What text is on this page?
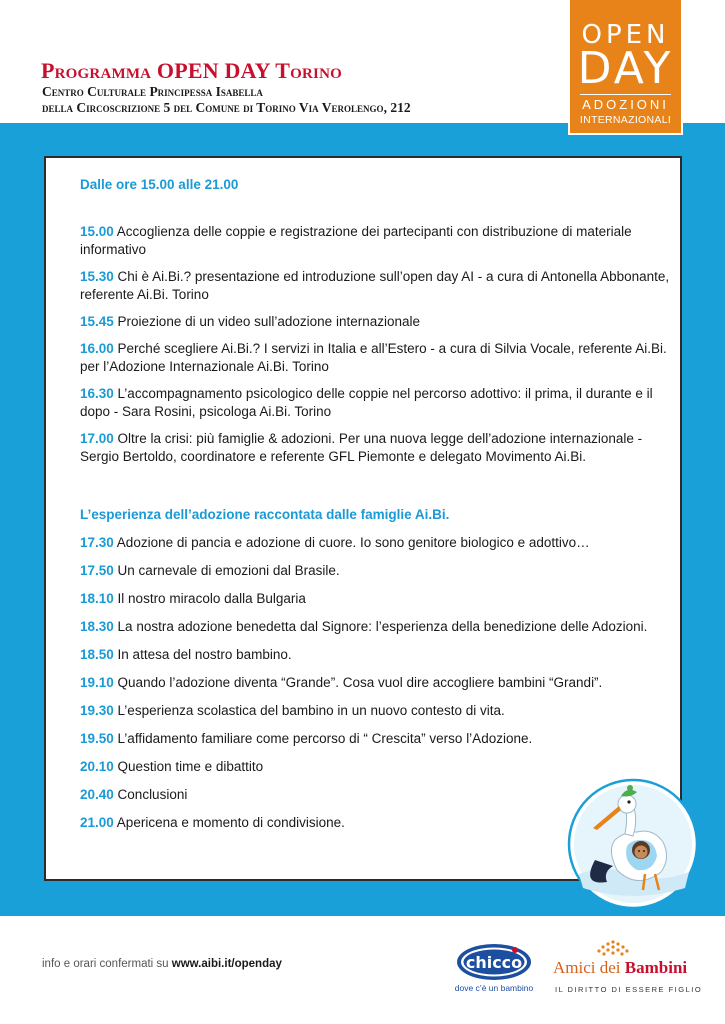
Programma OPEN DAY Torino
Centro Culturale Principessa Isabella
della Circoscrizione 5 del Comune di Torino Via Verolengo, 212
OPEN
DAY
ADOZIONI
INTERNAZIONALI
Dalle ore 15.00 alle 21.00
15.00 Accoglienza delle coppie e registrazione dei partecipanti con distribuzione di materiale informativo
15.30 Chi è Ai.Bi.? presentazione ed introduzione sull’open day AI - a cura di Antonella Abbonante, referente Ai.Bi. Torino
15.45 Proiezione di un video sull’adozione internazionale
16.00 Perché scegliere Ai.Bi.? I servizi in Italia e all’Estero - a cura di Silvia Vocale, referente Ai.Bi. per l’Adozione Internazionale Ai.Bi. Torino
16.30 L’accompagnamento psicologico delle coppie nel percorso adottivo: il prima, il durante e il dopo - Sara Rosini, psicologa Ai.Bi. Torino
17.00 Oltre la crisi: più famiglie & adozioni. Per una nuova legge dell’adozione internazionale - Sergio Bertoldo, coordinatore e referente GFL Piemonte e delegato Movimento Ai.Bi.
L’esperienza dell’adozione raccontata dalle famiglie Ai.Bi.
17.30 Adozione di pancia e adozione di cuore. Io sono genitore biologico e adottivo…
17.50 Un carnevale di emozioni dal Brasile.
18.10 Il nostro miracolo dalla Bulgaria
18.30 La nostra adozione benedetta dal Signore: l’esperienza della benedizione delle Adozioni.
18.50 In attesa del nostro bambino.
19.10 Quando l’adozione diventa “Grande”. Cosa vuol dire accogliere bambini “Grandi”.
19.30 L’esperienza scolastica del bambino in un nuovo contesto di vita.
19.50 L’affidamento familiare come percorso di “ Crescita” verso l’Adozione.
20.10 Question time e dibattito
20.40 Conclusioni
21.00 Apericena e momento di condivisione.
info e orari confermati su www.aibi.it/openday	chicco
dove c’è un bambino
Amici dei Bambini
IL DIRITTO DI ESSERE FIGLIO
